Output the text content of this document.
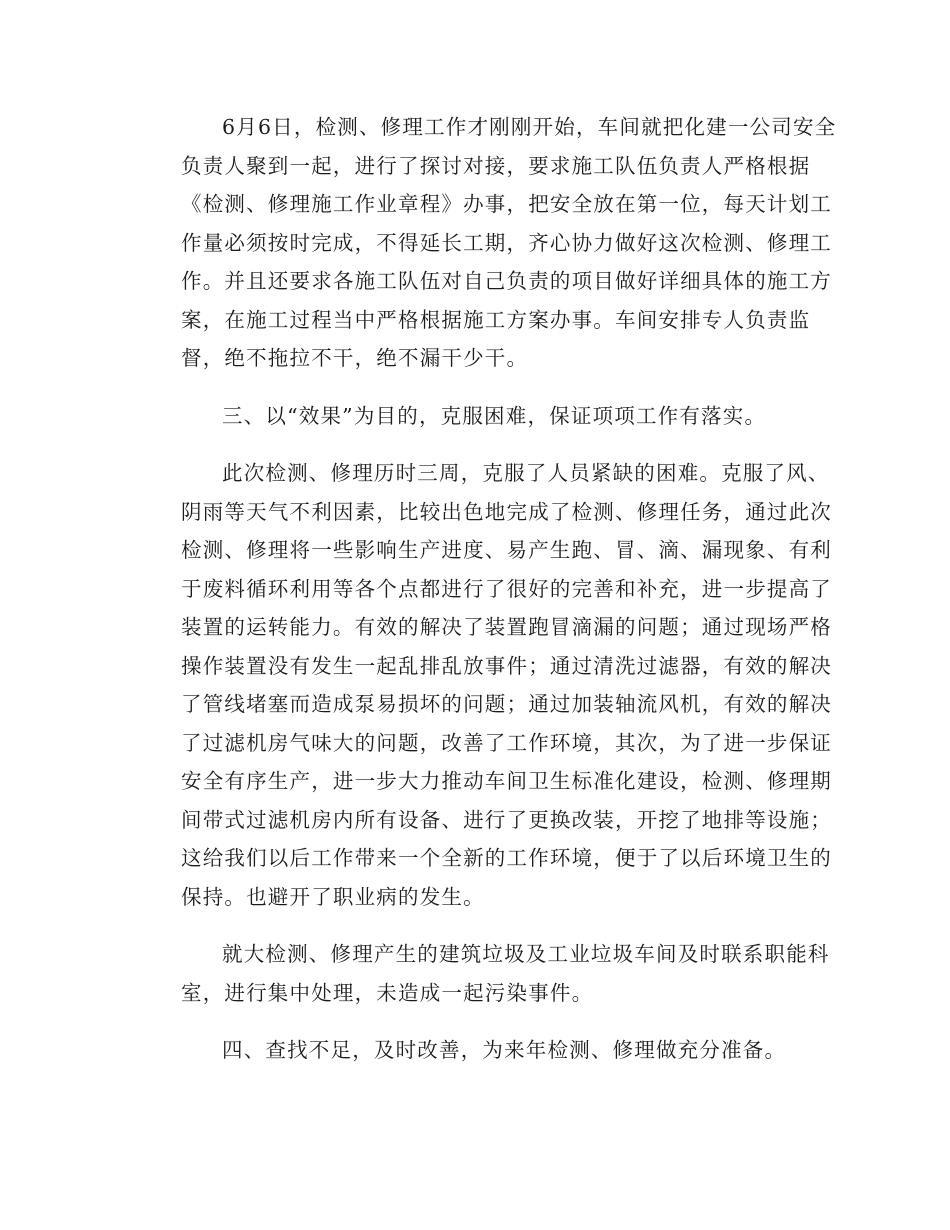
6月6日，检测、修理工作才刚刚开始，车间就把化建一公司安全
负责人聚到一起，进行了探讨对接，要求施工队伍负责人严格根据
《检测、修理施工作业章程》办事，把安全放在第一位，每天计划工
作量必须按时完成，不得延长工期，齐心协力做好这次检测、修理工
作。并且还要求各施工队伍对自己负责的项目做好详细具体的施工方
案，在施工过程当中严格根据施工方案办事。车间安排专人负责监
督，绝不拖拉不干，绝不漏干少干。
三、以“效果”为目的，克服困难，保证项项工作有落实。
此次检测、修理历时三周，克服了人员紧缺的困难。克服了风、
阴雨等天气不利因素，比较出色地完成了检测、修理任务，通过此次
检测、修理将一些影响生产进度、易产生跑、冒、滴、漏现象、有利
于废料循环利用等各个点都进行了很好的完善和补充，进一步提高了
装置的运转能力。有效的解决了装置跑冒滴漏的问题；通过现场严格
操作装置没有发生一起乱排乱放事件；通过清洗过滤器，有效的解决
了管线堵塞而造成泵易损坏的问题；通过加装轴流风机，有效的解决
了过滤机房气味大的问题，改善了工作环境，其次，为了进一步保证
安全有序生产，进一步大力推动车间卫生标准化建设，检测、修理期
间带式过滤机房内所有设备、进行了更换改装，开挖了地排等设施；
这给我们以后工作带来一个全新的工作环境，便于了以后环境卫生的
保持。也避开了职业病的发生。
就大检测、修理产生的建筑垃圾及工业垃圾车间及时联系职能科
室，进行集中处理，未造成一起污染事件。
四、查找不足，及时改善，为来年检测、修理做充分准备。
